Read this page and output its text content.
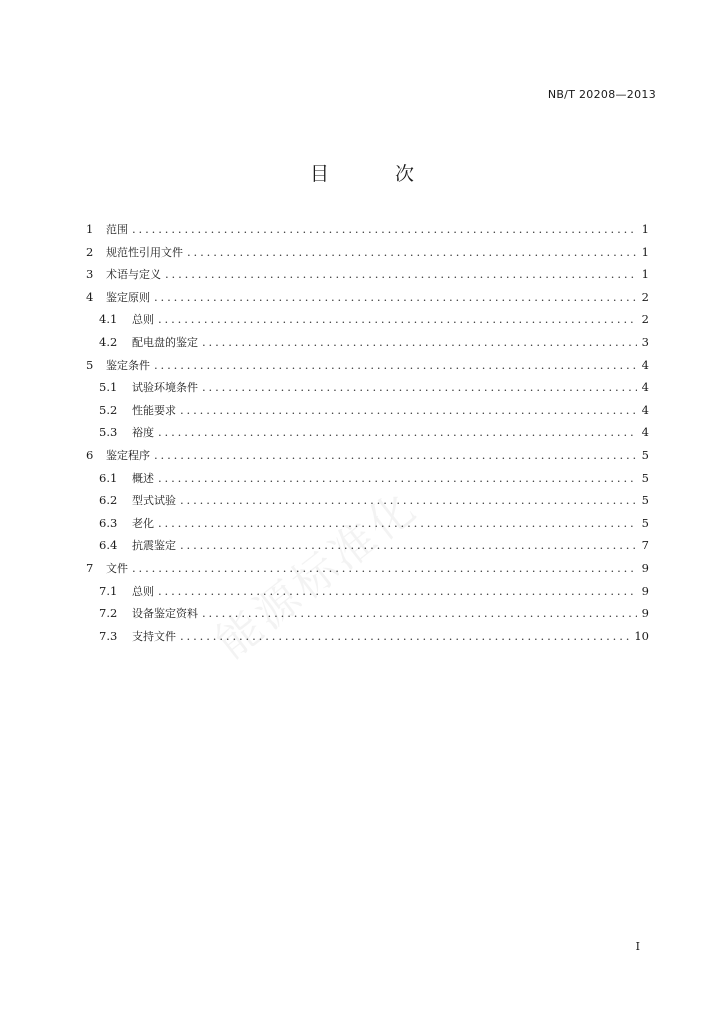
NB/T 20208—2013
目 次
1	范围 .....	1
2	规范性引用文件 .....	1
3	术语与定义 .....	1
4	鉴定原则 .....	2
4.1	总则 .....	2
4.2	配电盘的鉴定 .....	3
5	鉴定条件 .....	4
5.1	试验环境条件 .....	4
5.2	性能要求 .....	4
5.3	裕度 .....	4
6	鉴定程序 .....	5
6.1	概述 .....	5
6.2	型式试验 .....	5
6.3	老化 .....	5
6.4	抗震鉴定 .....	7
7	文件 .....	9
7.1	总则 .....	9
7.2	设备鉴定资料 .....	9
7.3	支持文件 .....	10
I
